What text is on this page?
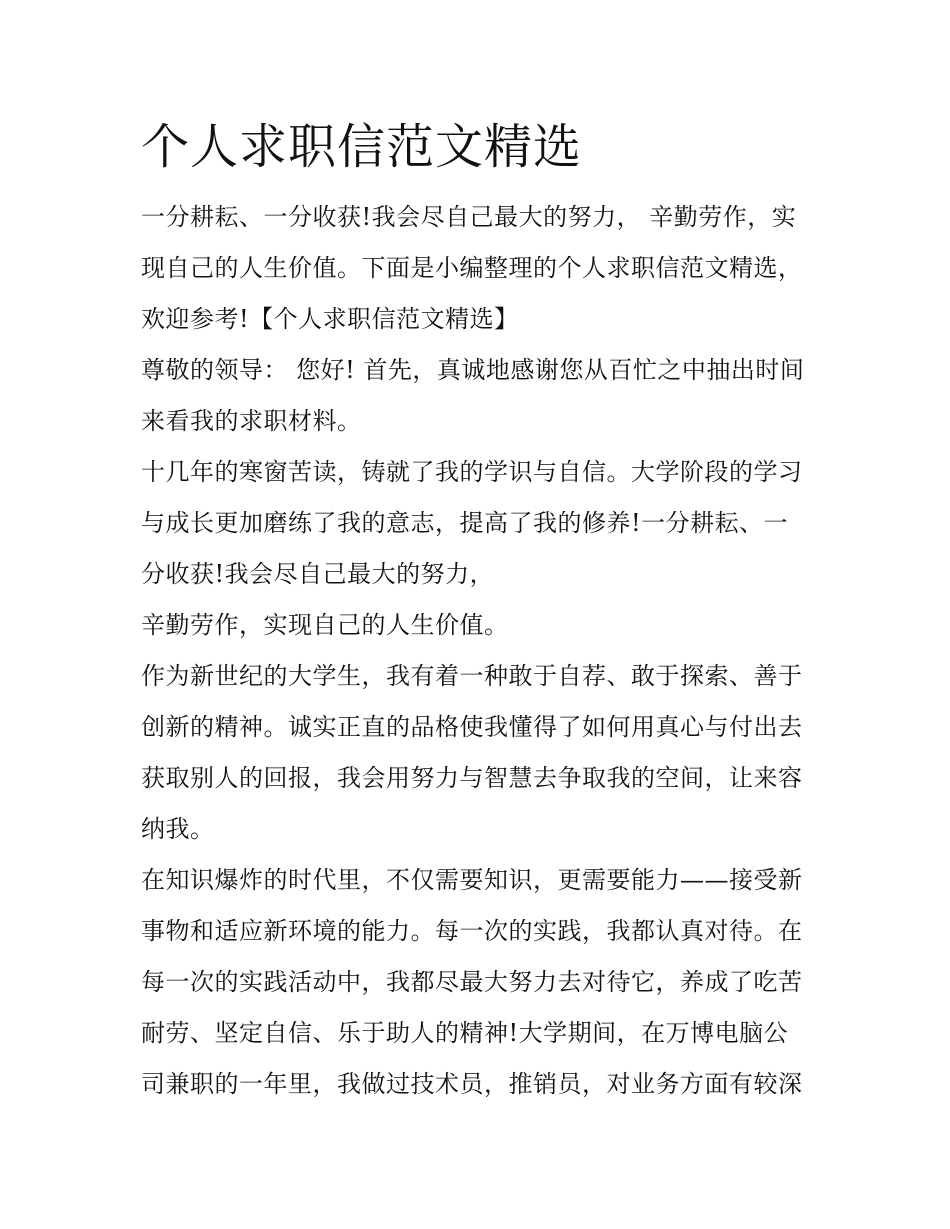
个人求职信范文精选

一分耕耘、一分收获!我会尽自己最大的努力， 辛勤劳作，实
现自己的人生价值。下面是小编整理的个人求职信范文精选，
欢迎参考!【个人求职信范文精选】

尊敬的领导： 您好! 首先，真诚地感谢您从百忙之中抽出时间
来看我的求职材料。

十几年的寒窗苦读，铸就了我的学识与自信。大学阶段的学习
与成长更加磨练了我的意志，提高了我的修养!一分耕耘、一
分收获!我会尽自己最大的努力，

辛勤劳作，实现自己的人生价值。

作为新世纪的大学生，我有着一种敢于自荐、敢于探索、善于
创新的精神。诚实正直的品格使我懂得了如何用真心与付出去
获取别人的回报，我会用努力与智慧去争取我的空间，让来容
纳我。

在知识爆炸的时代里，不仅需要知识，更需要能力——接受新
事物和适应新环境的能力。每一次的实践，我都认真对待。在
每一次的实践活动中，我都尽最大努力去对待它，养成了吃苦
耐劳、坚定自信、乐于助人的精神!大学期间，在万博电脑公
司兼职的一年里，我做过技术员，推销员，对业务方面有较深
